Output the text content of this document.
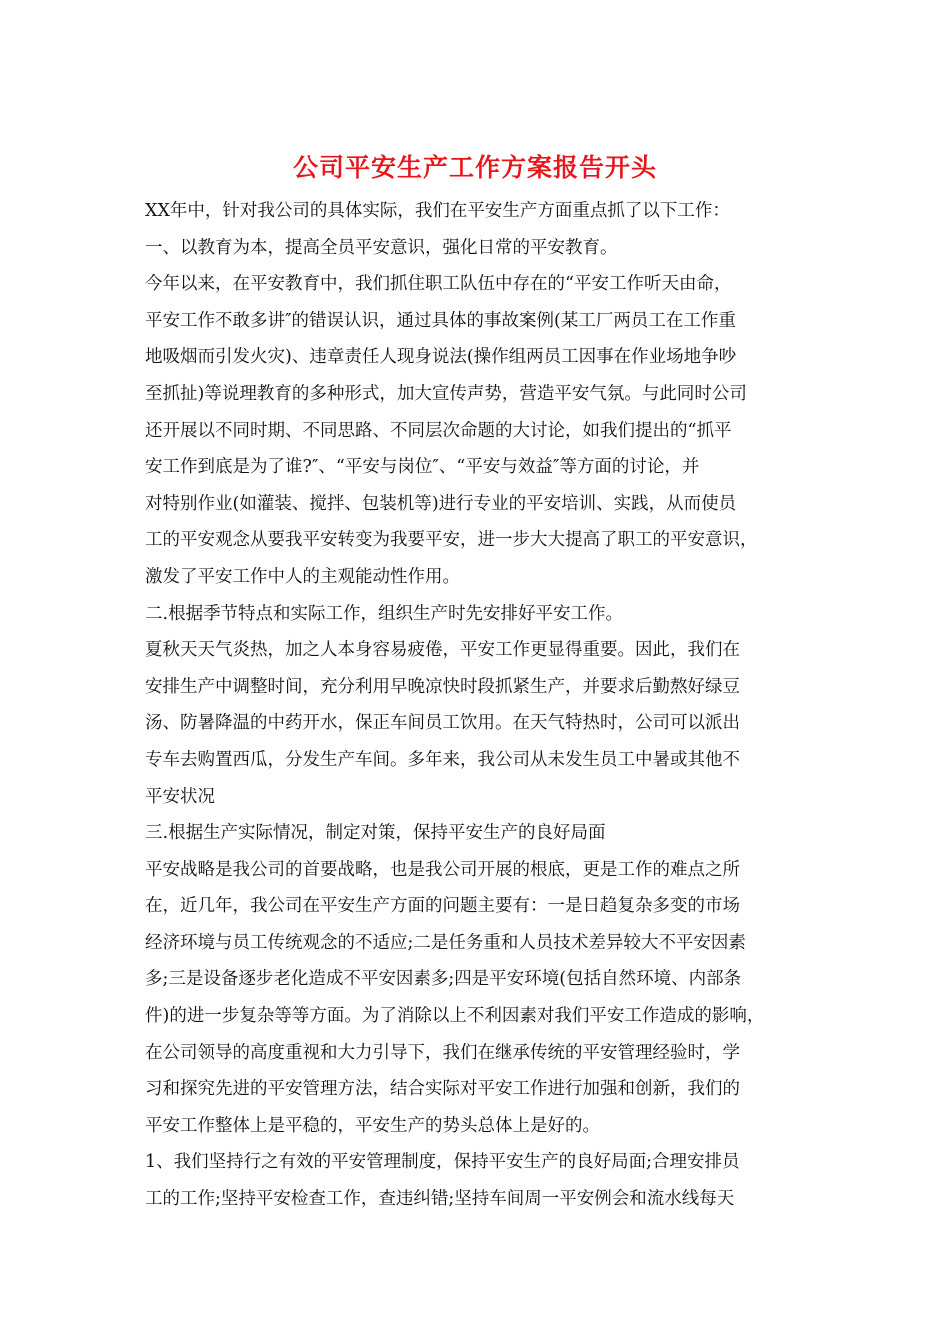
公司平安生产工作方案报告开头
XX年中，针对我公司的具体实际，我们在平安生产方面重点抓了以下工作：
一、以教育为本，提高全员平安意识，强化日常的平安教育。
今年以来，在平安教育中，我们抓住职工队伍中存在的“平安工作听天由命，
平安工作不敢多讲″的错误认识，通过具体的事故案例(某工厂两员工在工作重
地吸烟而引发火灾)、违章责任人现身说法(操作组两员工因事在作业场地争吵
至抓扯)等说理教育的多种形式，加大宣传声势，营造平安气氛。与此同时公司
还开展以不同时期、不同思路、不同层次命题的大讨论，如我们提出的“抓平
安工作到底是为了谁?″、“平安与岗位″、“平安与效益″等方面的讨论，并
对特别作业(如灌装、搅拌、包装机等)进行专业的平安培训、实践，从而使员
工的平安观念从要我平安转变为我要平安，进一步大大提高了职工的平安意识，
激发了平安工作中人的主观能动性作用。
二.根据季节特点和实际工作，组织生产时先安排好平安工作。
夏秋天天气炎热，加之人本身容易疲倦，平安工作更显得重要。因此，我们在
安排生产中调整时间，充分利用早晚凉快时段抓紧生产，并要求后勤熬好绿豆
汤、防暑降温的中药开水，保正车间员工饮用。在天气特热时，公司可以派出
专车去购置西瓜，分发生产车间。多年来，我公司从未发生员工中暑或其他不
平安状况
三.根据生产实际情况，制定对策，保持平安生产的良好局面
平安战略是我公司的首要战略，也是我公司开展的根底，更是工作的难点之所
在，近几年，我公司在平安生产方面的问题主要有：一是日趋复杂多变的市场
经济环境与员工传统观念的不适应;二是任务重和人员技术差异较大不平安因素
多;三是设备逐步老化造成不平安因素多;四是平安环境(包括自然环境、内部条
件)的进一步复杂等等方面。为了消除以上不利因素对我们平安工作造成的影响，
在公司领导的高度重视和大力引导下，我们在继承传统的平安管理经验时，学
习和探究先进的平安管理方法，结合实际对平安工作进行加强和创新，我们的
平安工作整体上是平稳的，平安生产的势头总体上是好的。
1、我们坚持行之有效的平安管理制度，保持平安生产的良好局面;合理安排员
工的工作;坚持平安检查工作，查违纠错;坚持车间周一平安例会和流水线每天
